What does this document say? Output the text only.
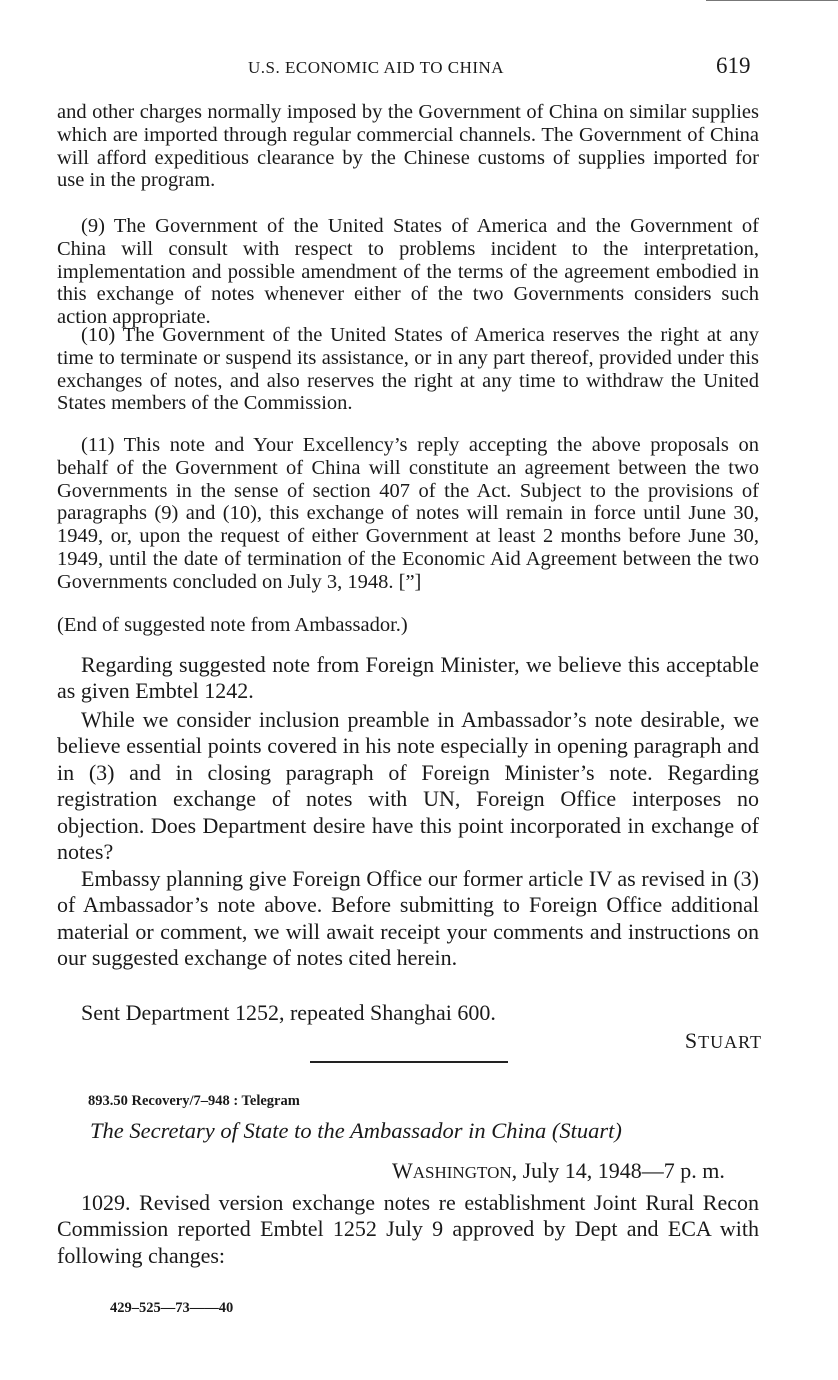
U.S. ECONOMIC AID TO CHINA	619

and other charges normally imposed by the Government of China on similar supplies which are imported through regular commercial channels. The Government of China will afford expeditious clearance by the Chinese customs of supplies imported for use in the program.

(9) The Government of the United States of America and the Government of China will consult with respect to problems incident to the interpretation, implementation and possible amendment of the terms of the agreement embodied in this exchange of notes whenever either of the two Governments considers such action appropriate.

(10) The Government of the United States of America reserves the right at any time to terminate or suspend its assistance, or in any part thereof, provided under this exchanges of notes, and also reserves the right at any time to withdraw the United States members of the Commission.

(11) This note and Your Excellency’s reply accepting the above proposals on behalf of the Government of China will constitute an agreement between the two Governments in the sense of section 407 of the Act. Subject to the provisions of paragraphs (9) and (10), this exchange of notes will remain in force until June 30, 1949, or, upon the request of either Government at least 2 months before June 30, 1949, until the date of termination of the Economic Aid Agreement between the two Governments concluded on July 3, 1948. [”]

(End of suggested note from Ambassador.)

Regarding suggested note from Foreign Minister, we believe this acceptable as given Embtel 1242.

While we consider inclusion preamble in Ambassador’s note desirable, we believe essential points covered in his note especially in opening paragraph and in (3) and in closing paragraph of Foreign Minister’s note. Regarding registration exchange of notes with UN, Foreign Office interposes no objection. Does Department desire have this point incorporated in exchange of notes?

Embassy planning give Foreign Office our former article IV as revised in (3) of Ambassador’s note above. Before submitting to Foreign Office additional material or comment, we will await receipt your comments and instructions on our suggested exchange of notes cited herein.

Sent Department 1252, repeated Shanghai 600.

STUART
893.50 Recovery/7–948 : Telegram
The Secretary of State to the Ambassador in China (Stuart)
WASHINGTON, July 14, 1948—7 p. m.

1029. Revised version exchange notes re establishment Joint Rural Recon Commission reported Embtel 1252 July 9 approved by Dept and ECA with following changes:

429–525—73——40
